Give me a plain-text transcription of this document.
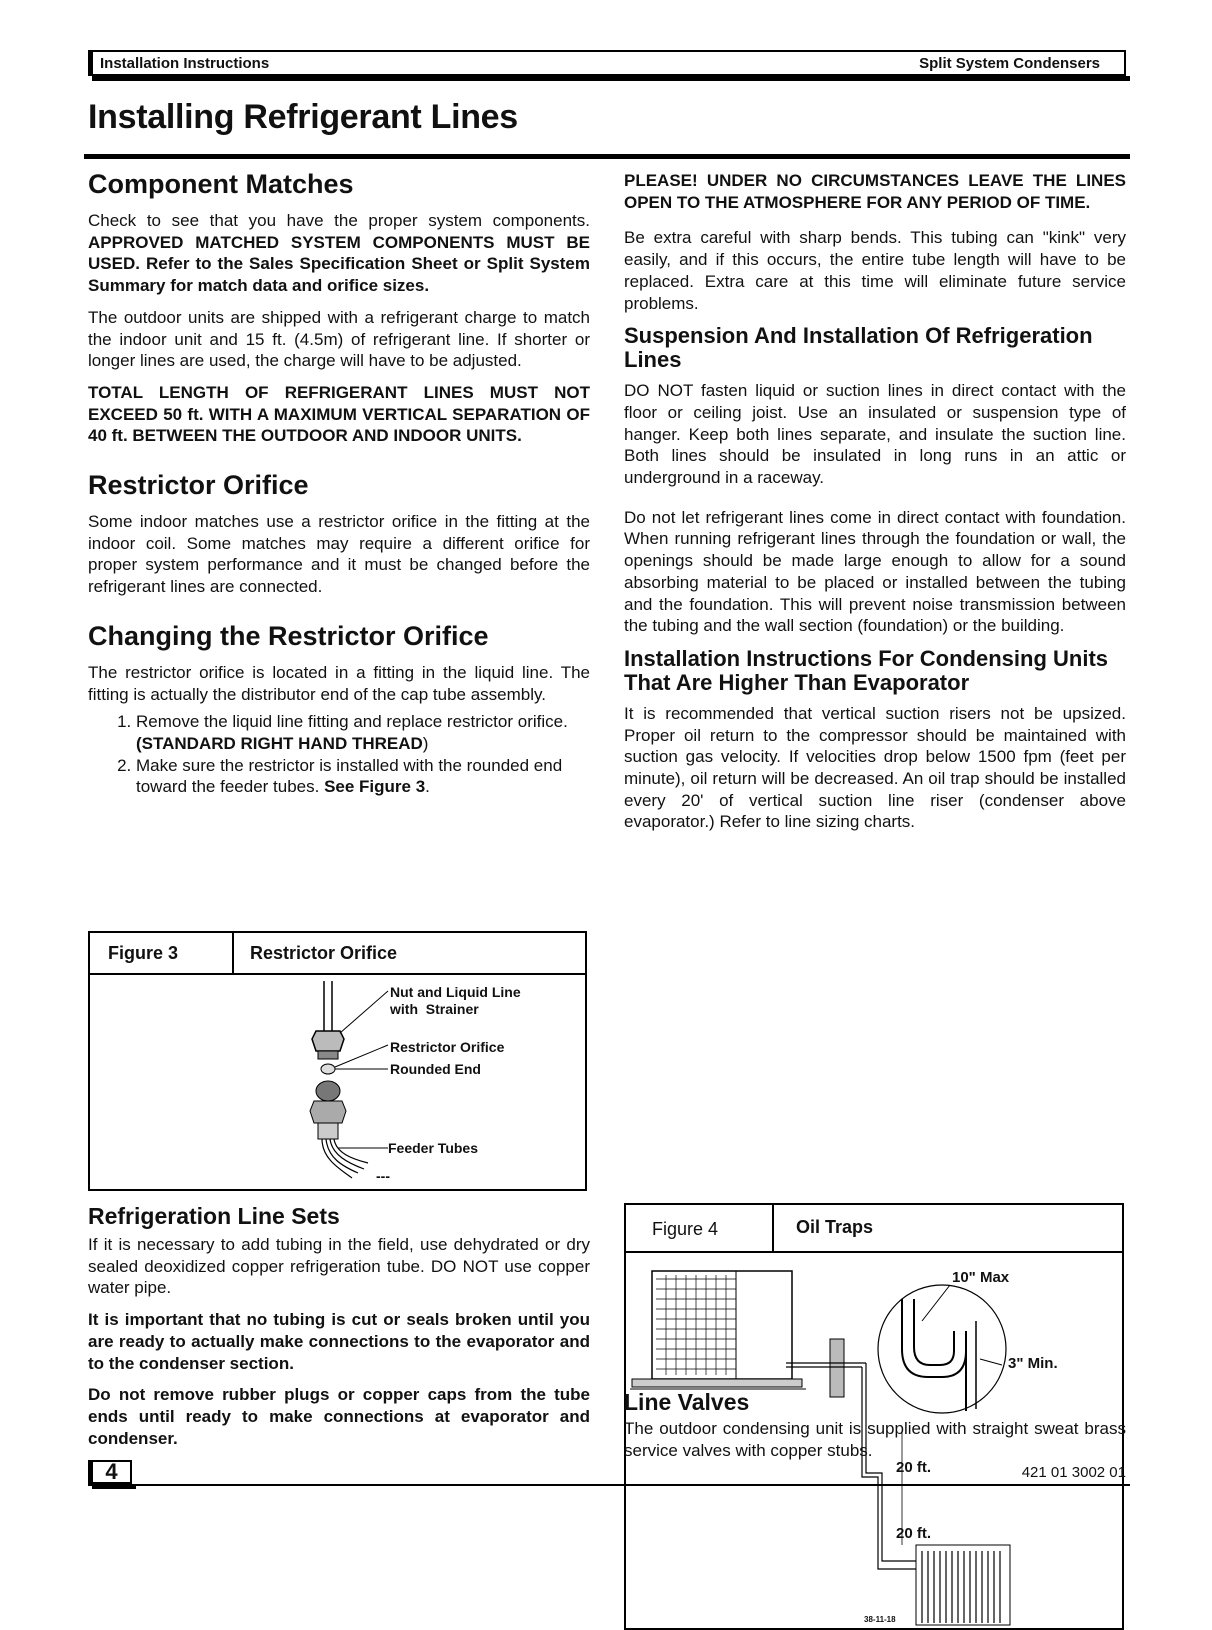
Installation Instructions	Split System Condensers
Installing Refrigerant Lines
Component Matches

Check to see that you have the proper system components. APPROVED MATCHED SYSTEM COMPONENTS MUST BE USED. Refer to the Sales Specification Sheet or Split System Summary for match data and orifice sizes.

The outdoor units are shipped with a refrigerant charge to match the indoor unit and 15 ft. (4.5m) of refrigerant line. If shorter or longer lines are used, the charge will have to be adjusted.

TOTAL LENGTH OF REFRIGERANT LINES MUST NOT EXCEED 50 ft. WITH A MAXIMUM VERTICAL SEPARATION OF 40 ft. BETWEEN THE OUTDOOR AND INDOOR UNITS.

Restrictor Orifice

Some indoor matches use a restrictor orifice in the fitting at the indoor coil. Some matches may require a different orifice for proper system performance and it must be changed before the refrigerant lines are connected.

Changing the Restrictor Orifice

The restrictor orifice is located in a fitting in the liquid line. The fitting is actually the distributor end of the cap tube assembly.

1. Remove the liquid line fitting and replace restrictor orifice. (STANDARD RIGHT HAND THREAD)
2. Make sure the restrictor is installed with the rounded end toward the feeder tubes. See Figure 3.
Figure 3	Restrictor Orifice
Nut and Liquid Line
with  Strainer
Restrictor Orifice
Rounded End
Feeder Tubes
---
Refrigeration Line Sets

If it is necessary to add tubing in the field, use dehydrated or dry sealed deoxidized copper refrigeration tube. DO NOT use copper water pipe.

It is important that no tubing is cut or seals broken until you are ready to actually make connections to the evaporator and to the condenser section.

Do not remove rubber plugs or copper caps from the tube ends until ready to make connections at evaporator and condenser.

PLEASE! UNDER NO CIRCUMSTANCES LEAVE THE LINES OPEN TO THE ATMOSPHERE FOR ANY PERIOD OF TIME.

Be extra careful with sharp bends. This tubing can "kink" very easily, and if this occurs, the entire tube length will have to be replaced. Extra care at this time will eliminate future service problems.

Suspension And Installation Of Refrigeration Lines

DO NOT fasten liquid or suction lines in direct contact with the floor or ceiling joist. Use an insulated or suspension type of hanger. Keep both lines separate, and insulate the suction line. Both lines should be insulated in long runs in an attic or underground in a raceway.

Do not let refrigerant lines come in direct contact with foundation. When running refrigerant lines through the foundation or wall, the openings should be made large enough to allow for a sound absorbing material to be placed or installed between the tubing and the foundation. This will prevent noise transmission between the tubing and the wall section (foundation) or the building.

Installation Instructions For Condensing Units That Are Higher Than Evaporator

It is recommended that vertical suction risers not be upsized. Proper oil return to the compressor should be maintained with suction gas velocity. If velocities drop below 1500 fpm (feet per minute), oil return will be decreased. An oil trap should be installed every 20' of vertical suction line riser (condenser above evaporator.) Refer to line sizing charts.

Figure 4	Oil Traps
10" Max
3" Min.
20 ft.
20 ft.
38-11-18
Line Valves

The outdoor condensing unit is supplied with straight sweat brass service valves with copper stubs.

4	421 01 3002 01
